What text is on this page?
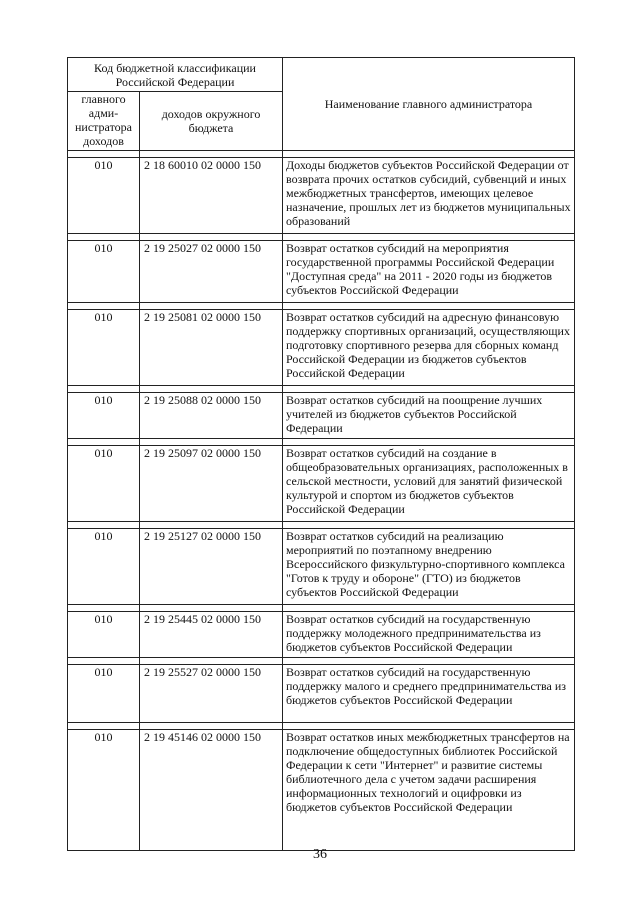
Код бюджетной классификации Российской Федерации		Наименование главного администратора
главного адми-нистратора доходов	доходов окружного бюджета	

010	2 18 60010 02 0000 150	Доходы бюджетов субъектов Российской Федерации от возврата прочих остатков субсидий, субвенций и иных межбюджетных трансфертов, имеющих целевое назначение, прошлых лет из бюджетов муниципальных образований

010	2 19 25027 02 0000 150	Возврат остатков субсидий на мероприятия государственной программы Российской Федерации "Доступная среда" на 2011 - 2020 годы из бюджетов субъектов Российской Федерации

010	2 19 25081 02 0000 150	Возврат остатков субсидий на адресную финансовую поддержку спортивных организаций, осуществляющих подготовку спортивного резерва для сборных команд Российской Федерации из бюджетов субъектов Российской Федерации

010	2 19 25088 02 0000 150	Возврат остатков субсидий на поощрение лучших учителей из бюджетов субъектов Российской Федерации

010	2 19 25097 02 0000 150	Возврат остатков субсидий на создание в общеобразовательных организациях, расположенных в сельской местности, условий для занятий физической культурой и спортом из бюджетов субъектов Российской Федерации

010	2 19 25127 02 0000 150	Возврат остатков субсидий на реализацию мероприятий по поэтапному внедрению Всероссийского физкультурно-спортивного комплекса "Готов к труду и обороне" (ГТО) из бюджетов субъектов Российской Федерации

010	2 19 25445 02 0000 150	Возврат остатков субсидий на государственную поддержку молодежного предпринимательства из бюджетов субъектов Российской Федерации

010	2 19 25527 02 0000 150	Возврат остатков субсидий на государственную поддержку малого и среднего предпринимательства из бюджетов субъектов Российской Федерации

010	2 19 45146 02 0000 150	Возврат остатков иных межбюджетных трансфертов на подключение общедоступных библиотек Российской Федерации к сети "Интернет" и развитие системы библиотечного дела с учетом задачи расширения информационных технологий и оцифровки из бюджетов субъектов Российской Федерации
36
